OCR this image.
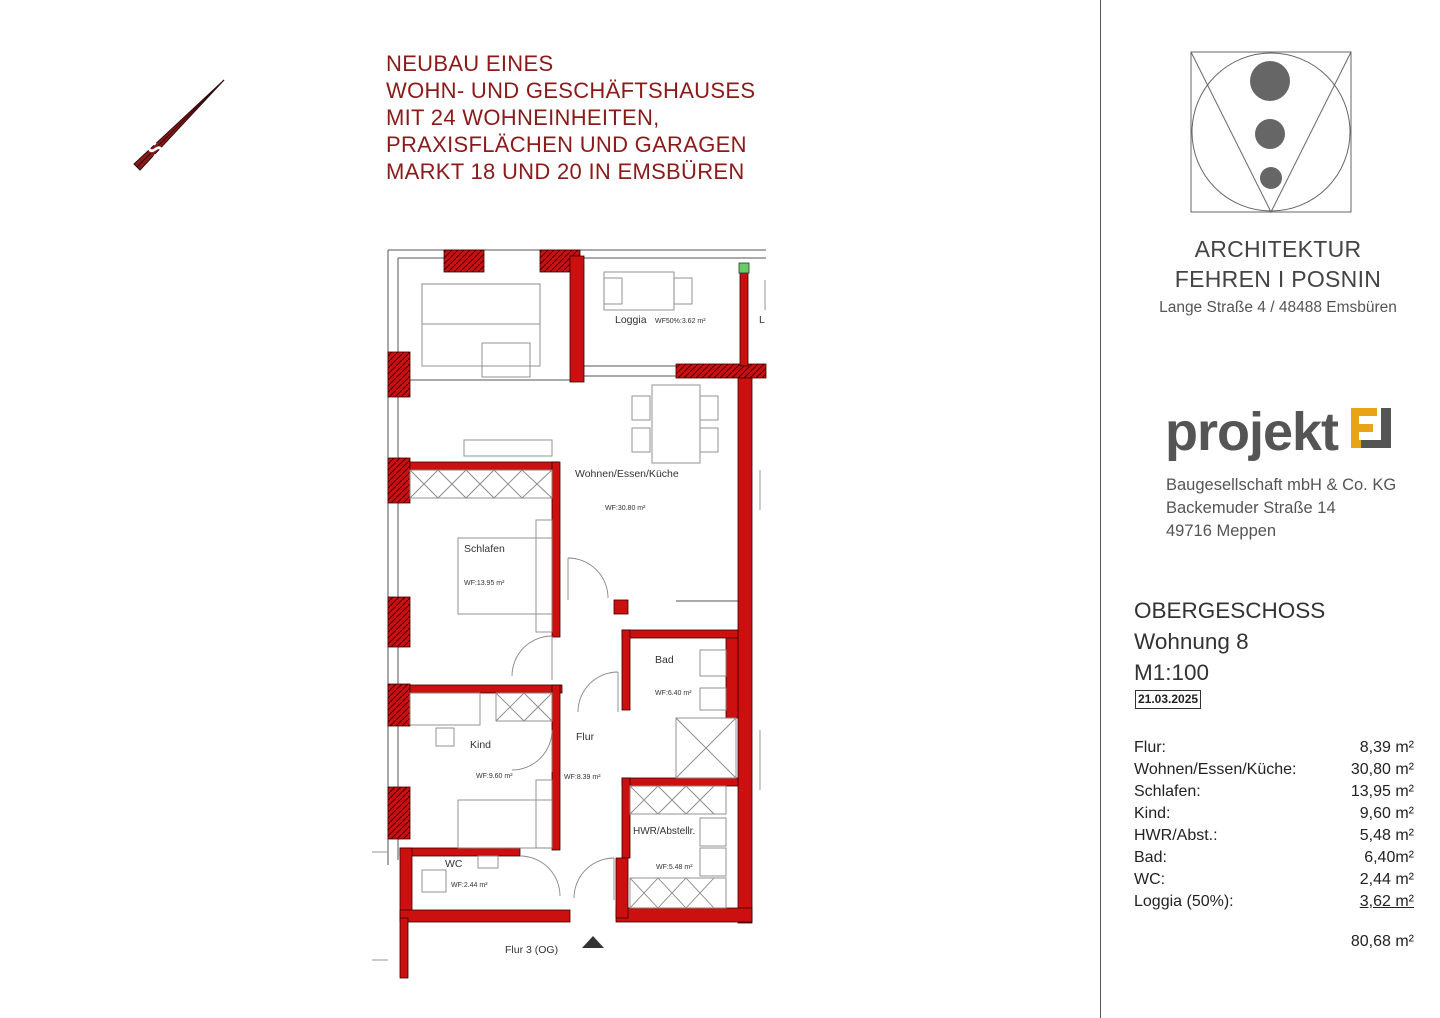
NEUBAU EINES
WOHN- UND GESCHÄFTSHAUSES
MIT 24 WOHNEINHEITEN,
PRAXISFLÄCHEN UND GARAGEN
MARKT 18 UND 20 IN EMSBÜREN
S
Loggia WF50%:3.62 m²	L
Wohnen/Essen/Küche
WF:30.80 m²
Schlafen
WF:13.95 m²
Bad
WF:6.40 m²
Flur
WF:8.39 m²
Kind
WF:9.60 m²
HWR/Abstellr.
WF:5.48 m²
WC
WF:2.44 m²
Flur 3 (OG)
ARCHITEKTUR
FEHREN I POSNIN
Lange Straße 4 / 48488 Emsbüren
projekt
Baugesellschaft mbH & Co. KG
Backemuder Straße 14
49716 Meppen
OBERGESCHOSS
Wohnung 8
M1:100
21.03.2025
Flur:	8,39 m²
Wohnen/Essen/Küche:	30,80 m²
Schlafen:	13,95 m²
Kind:	9,60 m²
HWR/Abst.:	5,48 m²
Bad:	6,40m²
WC:	2,44 m²
Loggia (50%):	3,62 m²
80,68 m²
